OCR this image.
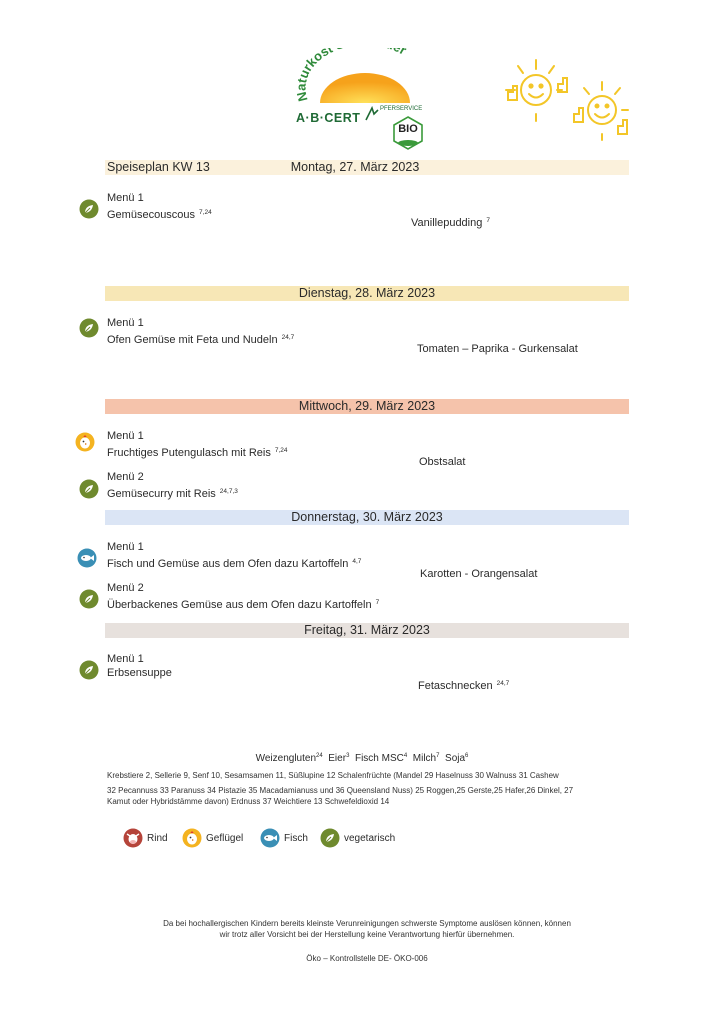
Naturkost r
A·B·CERT
PFERSERVICE
BIO
Speiseplan KW 13	Montag, 27. März 2023
Menü 1
Gemüsecouscous $^{7,24}$
Vanillepudding $^7$
Dienstag, 28. März 2023
Menü 1
Ofen Gemüse mit Feta und Nudeln $^{24,7}$
Tomaten – Paprika - Gurkensalat
Mittwoch, 29. März 2023
Menü 1
Fruchtiges Putengulasch mit Reis $^{7,24}$
Obstsalat
Menü 2
Gemüsecurry mit Reis $^{24,7,3}$
Donnerstag, 30. März 2023
Menü 1
Fisch und Gemüse aus dem Ofen dazu Kartoffeln $^{4,7}$
Karotten - Orangensalat
Menü 2
Überbackenes Gemüse aus dem Ofen dazu Kartoffeln $^7$
Freitag, 31. März 2023
Menü 1
Erbsensuppe
Fetaschnecken $^{24,7}$
Weizengluten$^{24}$ Eier$^3$ Fisch MSC$^4$ Milch$^7$ Soja$^6$
Krebstiere 2, Sellerie 9, Senf 10, Sesamsamen 11, Süßlupine 12 Schalenfrüchte (Mandel 29 Haselnuss 30 Walnuss 31 Cashew
32 Pecannuss 33 Paranuss 34 Pistazie 35 Macadamianuss und 36 Queensland Nuss) 25 Roggen,25 Gerste,25 Hafer,26 Dinkel, 27
Kamut oder Hybridstämme davon) Erdnuss 37 Weichtiere 13 Schwefeldioxid 14
Rind	Geflügel	Fisch	vegetarisch
Da bei hochallergischen Kindern bereits kleinste Verunreinigungen schwerste Symptome auslösen können, können
wir trotz aller Vorsicht bei der Herstellung keine Verantwortung hierfür übernehmen.
Öko – Kontrollstelle DE- ÖKO-006
